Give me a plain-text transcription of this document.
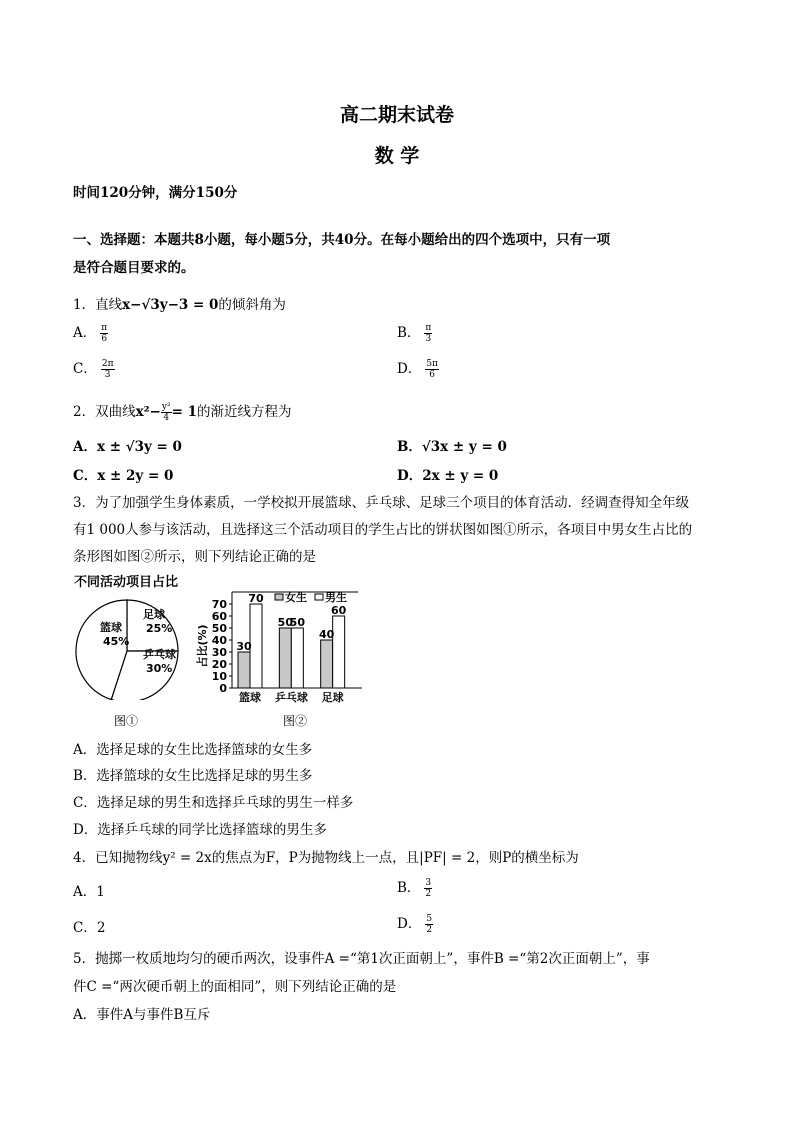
高二期末试卷
数 学
时间120分钟，满分150分
一、选择题：本题共8小题，每小题5分，共40分。在每小题给出的四个选项中，只有一项
是符合题目要求的。
1．直线x−√3y−3 = 0的倾斜角为
A． $\frac{\pi}{6}$	B． $\frac{\pi}{3}$
C． $\frac{2\pi}{3}$	D． $\frac{5\pi}{6}$
2．双曲线$x^2- \frac{\text{y²}}{4} = 1$的渐近线方程为
A．x ± √3y = 0	B．√3x ± y = 0
C．x ± 2y = 0	D．2x ± y = 0
3．为了加强学生身体素质，一学校拟开展篮球、乒乓球、足球三个项目的体育活动．经调查得知全年级
有1 000人参与该活动，且选择这三个活动项目的学生占比的饼状图如图①所示，各项目中男女生占比的
条形图如图②所示，则下列结论正确的是
不同活动项目占比
足球
25%
乒乓球
30%
篮球
45%
图①
0
10
20
30
40
50
60
70
占比(%) 30
70
篮球
50
50
乒乓球
40
60
足球
女生 男生
图②
A．选择足球的女生比选择篮球的女生多
B．选择篮球的女生比选择足球的男生多
C．选择足球的男生和选择乒乓球的男生一样多
D．选择乒乓球的同学比选择篮球的男生多
4．已知抛物线y² = 2x的焦点为F，P为抛物线上一点，且|PF| = 2，则P的横坐标为
A．1	B． $\frac{3}{2}$
C．2	D． $\frac{5}{2}$
5．抛掷一枚质地均匀的硬币两次，设事件A =“第1次正面朝上”，事件B =“第2次正面朝上”，事
件C =“两次硬币朝上的面相同”，则下列结论正确的是
A．事件A与事件B互斥
